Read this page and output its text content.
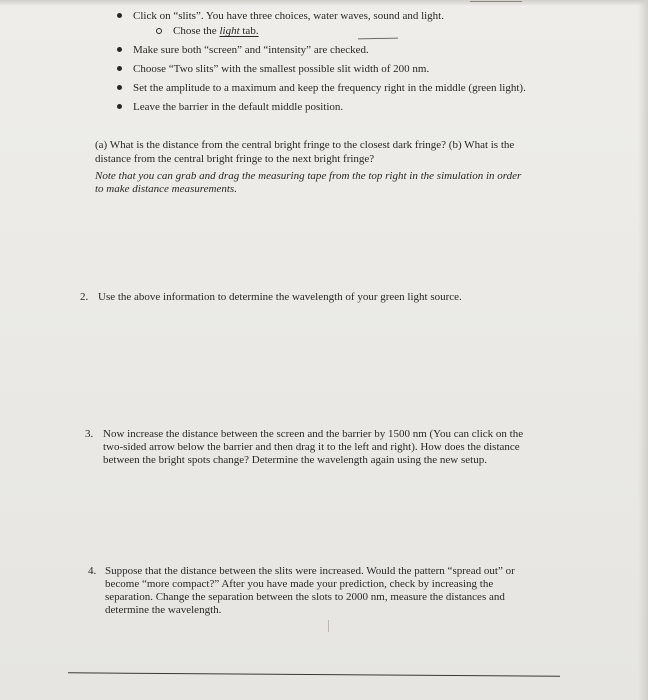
Click on “slits”. You have three choices, water waves, sound and light.
Chose the light tab.
Make sure both “screen” and “intensity” are checked.
Choose “Two slits” with the smallest possible slit width of 200 nm.
Set the amplitude to a maximum and keep the frequency right in the middle (green light).
Leave the barrier in the default middle position.
(a) What is the distance from the central bright fringe to the closest dark fringe? (b) What is the
distance from the central bright fringe to the next bright fringe?
Note that you can grab and drag the measuring tape from the top right in the simulation in order
to make distance measurements.
2. Use the above information to determine the wavelength of your green light source.
3. Now increase the distance between the screen and the barrier by 1500 nm (You can click on the
two-sided arrow below the barrier and then drag it to the left and right). How does the distance
between the bright spots change? Determine the wavelength again using the new setup.
4. Suppose that the distance between the slits were increased. Would the pattern “spread out” or
become “more compact?” After you have made your prediction, check by increasing the
separation. Change the separation between the slots to 2000 nm, measure the distances and
determine the wavelength.
